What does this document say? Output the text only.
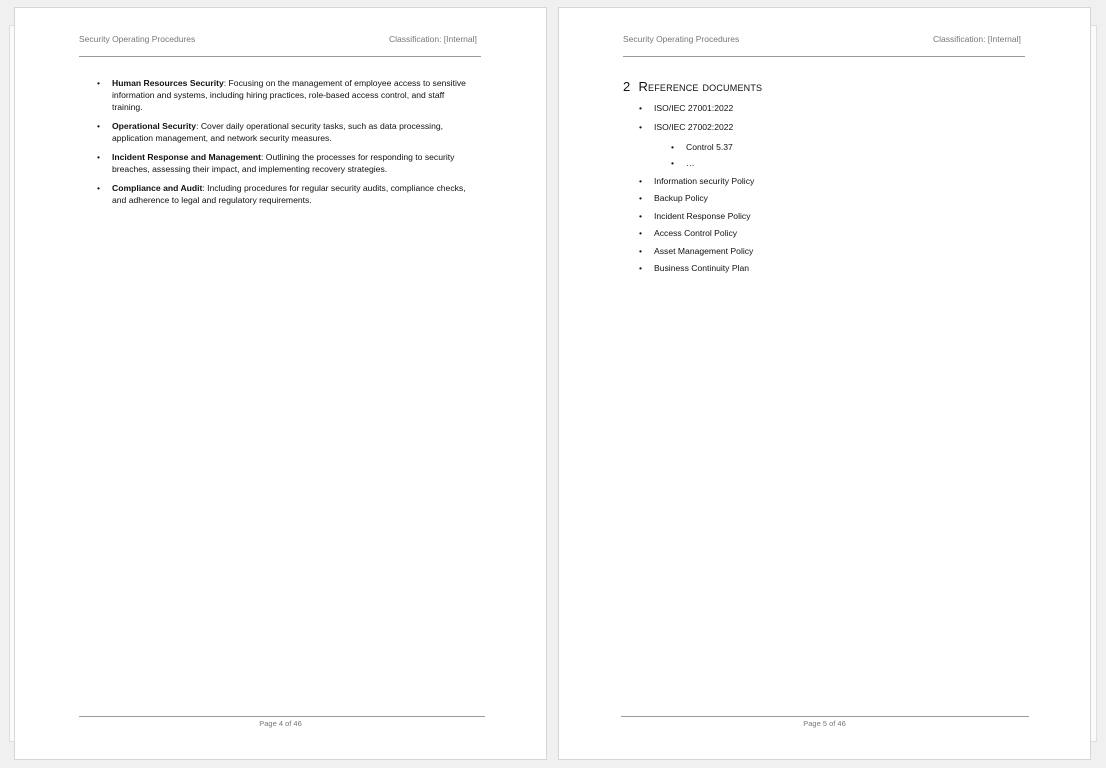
Security Operating Procedures	Classification: [Internal]
• Human Resources Security: Focusing on the management of employee access to sensitive information and systems, including hiring practices, role-based access control, and staff training.
• Operational Security: Cover daily operational security tasks, such as data processing, application management, and network security measures.
• Incident Response and Management: Outlining the processes for responding to security breaches, assessing their impact, and implementing recovery strategies.
• Compliance and Audit: Including procedures for regular security audits, compliance checks, and adherence to legal and regulatory requirements.
Page 4 of 46
Security Operating Procedures	Classification: [Internal]
2 Reference documents
• ISO/IEC 27001:2022
• ISO/IEC 27002:2022
• Control 5.37
• …
• Information security Policy
• Backup Policy
• Incident Response Policy
• Access Control Policy
• Asset Management Policy
• Business Continuity Plan
Page 5 of 46
